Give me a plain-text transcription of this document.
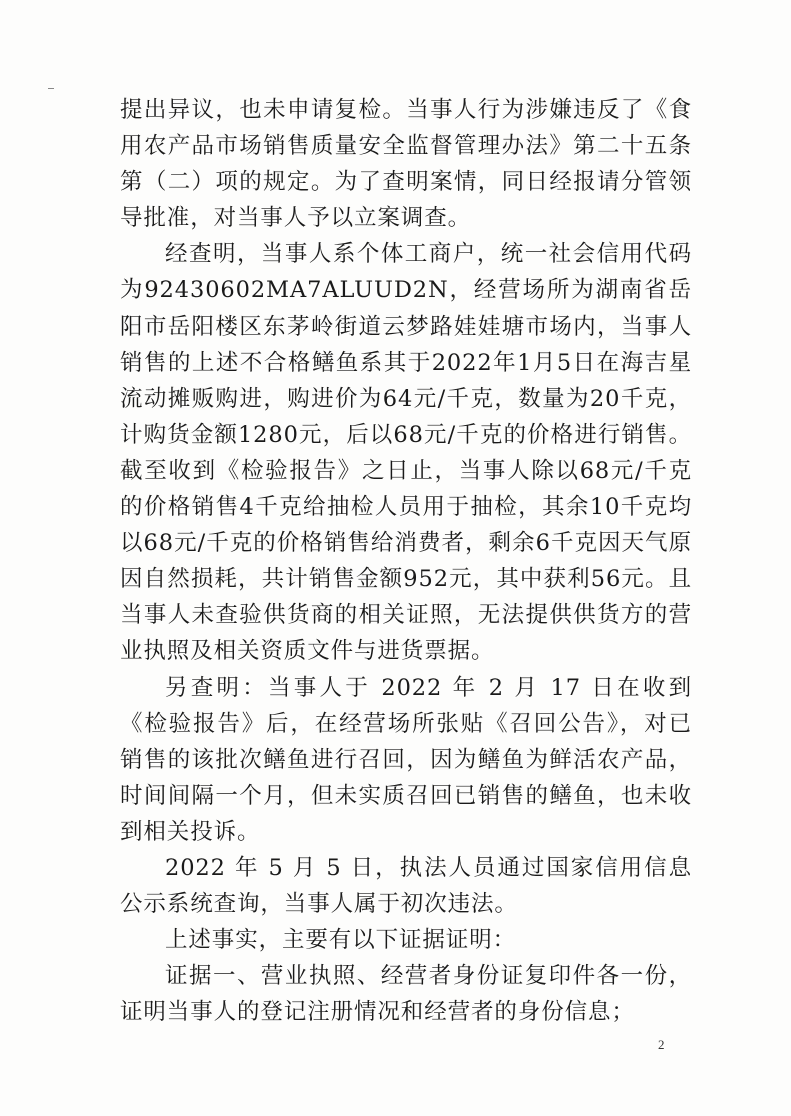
提出异议，也未申请复检。当事人行为涉嫌违反了《食用农产品市场销售质量安全监督管理办法》第二十五条第（二）项的规定。为了查明案情，同日经报请分管领导批准，对当事人予以立案调查。

经查明，当事人系个体工商户，统一社会信用代码为92430602MA7ALUUD2N，经营场所为湖南省岳阳市岳阳楼区东茅岭街道云梦路娃娃塘市场内，当事人销售的上述不合格鳝鱼系其于2022年1月5日在海吉星流动摊贩购进，购进价为64元/千克，数量为20千克，计购货金额1280元，后以68元/千克的价格进行销售。截至收到《检验报告》之日止，当事人除以68元/千克的价格销售4千克给抽检人员用于抽检，其余10千克均以68元/千克的价格销售给消费者，剩余6千克因天气原因自然损耗，共计销售金额952元，其中获利56元。且当事人未查验供货商的相关证照，无法提供供货方的营业执照及相关资质文件与进货票据。

另查明：当事人于 2022 年 2 月 17 日在收到《检验报告》后，在经营场所张贴《召回公告》，对已销售的该批次鳝鱼进行召回，因为鳝鱼为鲜活农产品，时间间隔一个月，但未实质召回已销售的鳝鱼，也未收到相关投诉。

2022 年 5 月 5 日，执法人员通过国家信用信息公示系统查询，当事人属于初次违法。

上述事实，主要有以下证据证明：

证据一、营业执照、经营者身份证复印件各一份，证明当事人的登记注册情况和经营者的身份信息；

2
